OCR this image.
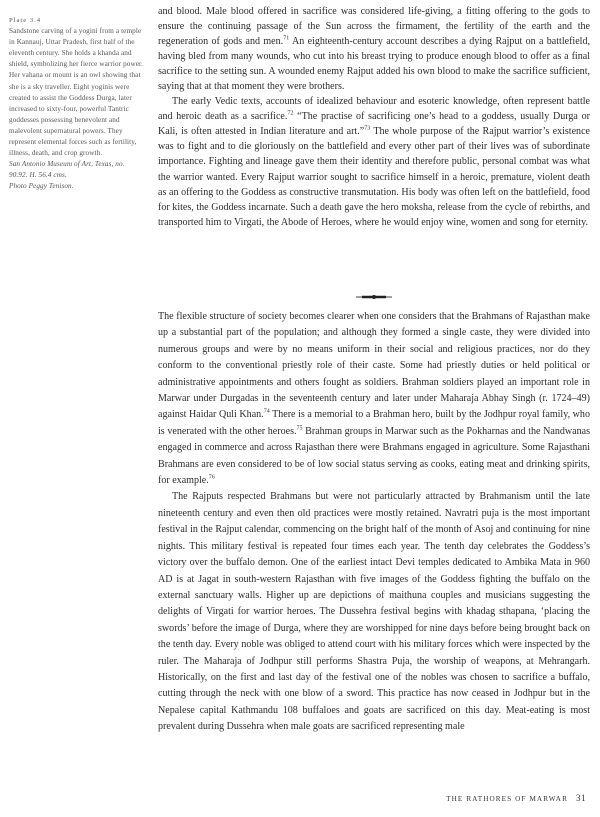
Plate 3.4
Sandstone carving of a yogini from a temple in Kannauj, Uttar Pradesh, first half of the eleventh century. She holds a khanda and shield, symbolizing her fierce warrior power. Her vahana or mount is an owl showing that she is a sky traveller. Eight yoginis were created to assist the Goddess Durga, later increased to sixty-four, powerful Tantric goddesses possessing benevolent and malevolent supernatural powers. They represent elemental forces such as fertility, illness, death, and crop growth.
San Antonio Museum of Art, Texas, no. 90.92. H. 56.4 cms.
Photo Peggy Tenison.

and blood. Male blood offered in sacrifice was considered life-giving, a fitting offering to the gods to ensure the continuing passage of the Sun across the firmament, the fertility of the earth and the regeneration of gods and men.$^{71}$ An eighteenth-century account describes a dying Rajput on a battlefield, having bled from many wounds, who cut into his breast trying to produce enough blood to offer as a final sacrifice to the setting sun. A wounded enemy Rajput added his own blood to make the sacrifice sufficient, saying that at that moment they were brothers.

The early Vedic texts, accounts of idealized behaviour and esoteric knowledge, often represent battle and heroic death as a sacrifice.$^{72}$ “The practise of sacrificing one’s head to a goddess, usually Durga or Kali, is often attested in Indian literature and art.”$^{73}$ The whole purpose of the Rajput warrior’s existence was to fight and to die gloriously on the battlefield and every other part of their lives was of subordinate importance. Fighting and lineage gave them their identity and therefore public, personal combat was what the warrior wanted. Every Rajput warrior sought to sacrifice himself in a heroic, premature, violent death as an offering to the Goddess as constructive transmutation. His body was often left on the battlefield, food for kites, the Goddess incarnate. Such a death gave the hero moksha, release from the cycle of rebirths, and transported him to Virgati, the Abode of Heroes, where he would enjoy wine, women and song for eternity.

The flexible structure of society becomes clearer when one considers that the Brahmans of Rajasthan make up a substantial part of the population; and although they formed a single caste, they were divided into numerous groups and were by no means uniform in their social and religious practices, nor do they conform to the conventional priestly role of their caste. Some had priestly duties or held political or administrative appointments and others fought as soldiers. Brahman soldiers played an important role in Marwar under Durgadas in the seventeenth century and later under Maharaja Abhay Singh (r. 1724–49) against Haidar Quli Khan.$^{74}$ There is a memorial to a Brahman hero, built by the Jodhpur royal family, who is venerated with the other heroes.$^{75}$ Brahman groups in Marwar such as the Pokharnas and the Nandwanas engaged in commerce and across Rajasthan there were Brahmans engaged in agriculture. Some Rajasthani Brahmans are even considered to be of low social status serving as cooks, eating meat and drinking spirits, for example.$^{76}$

The Rajputs respected Brahmans but were not particularly attracted by Brahmanism until the late nineteenth century and even then old practices were mostly retained. Navratri puja is the most important festival in the Rajput calendar, commencing on the bright half of the month of Asoj and continuing for nine nights. This military festival is repeated four times each year. The tenth day celebrates the Goddess’s victory over the buffalo demon. One of the earliest intact Devi temples dedicated to Ambika Mata in 960 AD is at Jagat in south-western Rajasthan with five images of the Goddess fighting the buffalo on the external sanctuary walls. Higher up are depictions of maithuna couples and musicians suggesting the delights of Virgati for warrior heroes. The Dussehra festival begins with khadag sthapana, ‘placing the swords’ before the image of Durga, where they are worshipped for nine days before being brought back on the tenth day. Every noble was obliged to attend court with his military forces which were inspected by the ruler. The Maharaja of Jodhpur still performs Shastra Puja, the worship of weapons, at Mehrangarh. Historically, on the first and last day of the festival one of the nobles was chosen to sacrifice a buffalo, cutting through the neck with one blow of a sword. This practice has now ceased in Jodhpur but in the Nepalese capital Kathmandu 108 buffaloes and goats are sacrificed on this day. Meat-eating is most prevalent during Dussehra when male goats are sacrificed representing male

THE RATHORES OF MARWAR 31
